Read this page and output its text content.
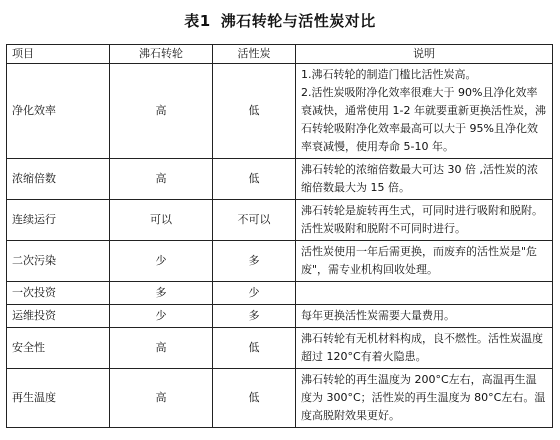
表1 沸石转轮与活性炭对比
项目	沸石转轮	活性炭	说明
净化效率	高	低	1.沸石转轮的制造门槛比活性炭高。
2.活性炭吸附净化效率很难大于 90%且净化效率衰减快，通常使用 1-2 年就要重新更换活性炭，沸石转轮吸附净化效率最高可以大于 95%且净化效率衰减慢，使用寿命 5-10 年。

浓缩倍数	高	低	沸石转轮的浓缩倍数最大可达 30 倍 ,活性炭的浓缩倍数最大为 15 倍。

连续运行	可以	不可以	沸石转轮是旋转再生式，可同时进行吸附和脱附。活性炭吸附和脱附不可同时进行。

二次污染	少	多	活性炭使用一年后需更换，而废弃的活性炭是"危废"，需专业机构回收处理。

一次投资	多	少	

运维投资	少	多	每年更换活性炭需要大量费用。

安全性	高	低	沸石转轮有无机材料构成，良不燃性。活性炭温度超过 120°C有着火隐患。

再生温度	高	低	沸石转轮的再生温度为 200°C左右，高温再生温度为 300°C；活性炭的再生温度为 80°C左右。温度高脱附效果更好。
